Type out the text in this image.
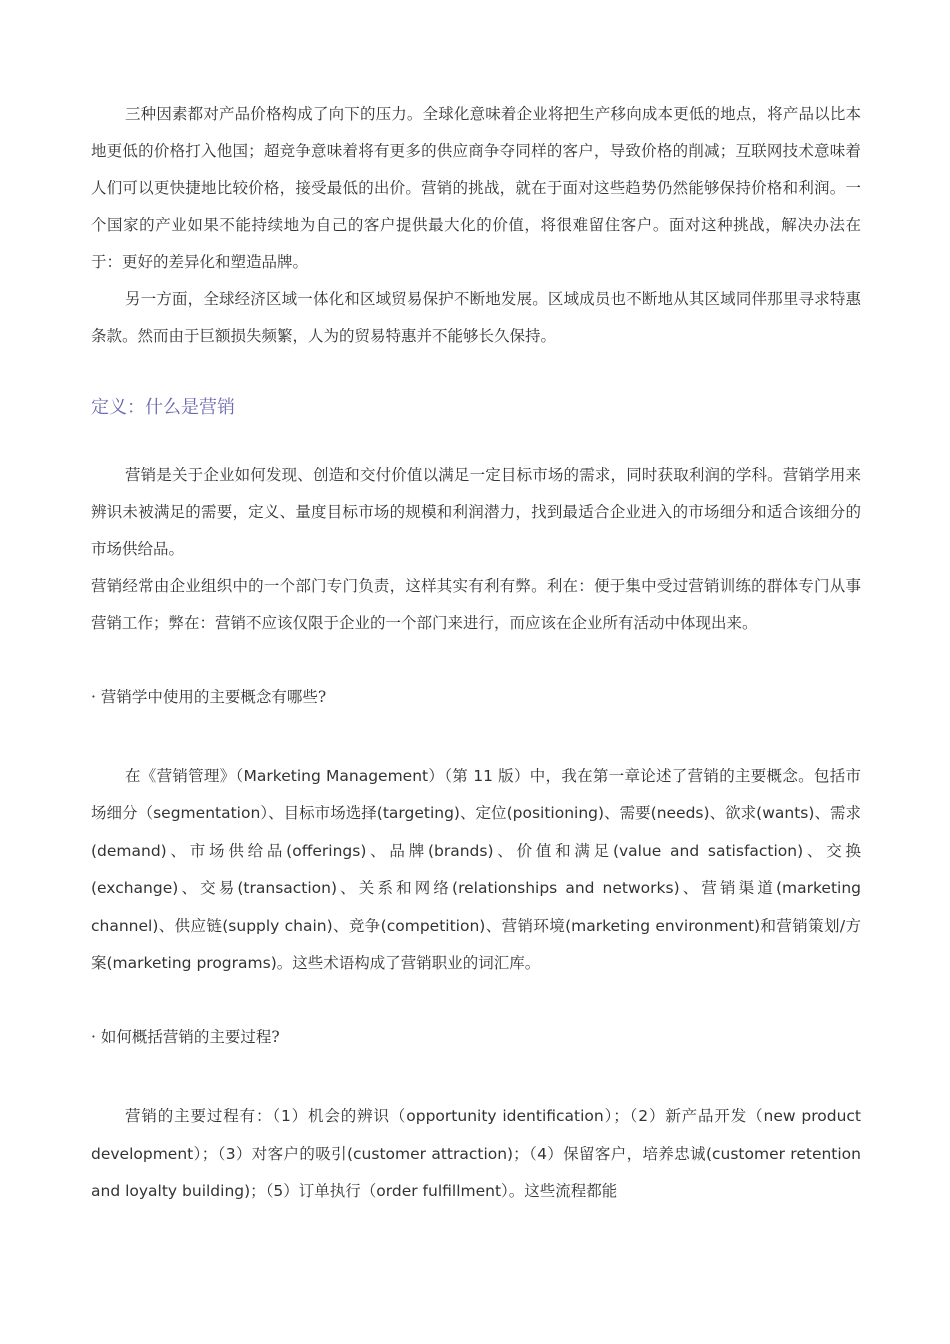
三种因素都对产品价格构成了向下的压力。全球化意味着企业将把生产移向成本更低的地点，将产品以比本地更低的价格打入他国；超竞争意味着将有更多的供应商争夺同样的客户，导致价格的削减；互联网技术意味着人们可以更快捷地比较价格，接受最低的出价。营销的挑战，就在于面对这些趋势仍然能够保持价格和利润。一个国家的产业如果不能持续地为自己的客户提供最大化的价值，将很难留住客户。面对这种挑战，解决办法在于：更好的差异化和塑造品牌。

另一方面，全球经济区域一体化和区域贸易保护不断地发展。区域成员也不断地从其区域同伴那里寻求特惠条款。然而由于巨额损失频繁，人为的贸易特惠并不能够长久保持。

定义：什么是营销

营销是关于企业如何发现、创造和交付价值以满足一定目标市场的需求，同时获取利润的学科。营销学用来辨识未被满足的需要，定义、量度目标市场的规模和利润潜力，找到最适合企业进入的市场细分和适合该细分的市场供给品。

营销经常由企业组织中的一个部门专门负责，这样其实有利有弊。利在：便于集中受过营销训练的群体专门从事营销工作；弊在：营销不应该仅限于企业的一个部门来进行，而应该在企业所有活动中体现出来。

· 营销学中使用的主要概念有哪些?

在《营销管理》（Marketing Management）（第 11 版）中，我在第一章论述了营销的主要概念。包括市场细分（segmentation）、目标市场选择(targeting)、定位(positioning)、需要(needs)、欲求(wants)、需求(demand)、市场供给品(offerings)、品牌(brands)、价值和满足(value and satisfaction)、交换(exchange)、交易(transaction)、关系和网络(relationships and networks)、营销渠道(marketing channel)、供应链(supply chain)、竞争(competition)、营销环境(marketing environment)和营销策划/方案(marketing programs)。这些术语构成了营销职业的词汇库。

· 如何概括营销的主要过程?

营销的主要过程有：（1）机会的辨识（opportunity identification）；（2）新产品开发（new product development）；（3）对客户的吸引(customer attraction)；（4）保留客户，培养忠诚(customer retention and loyalty building)；（5）订单执行（order fulfillment）。这些流程都能
